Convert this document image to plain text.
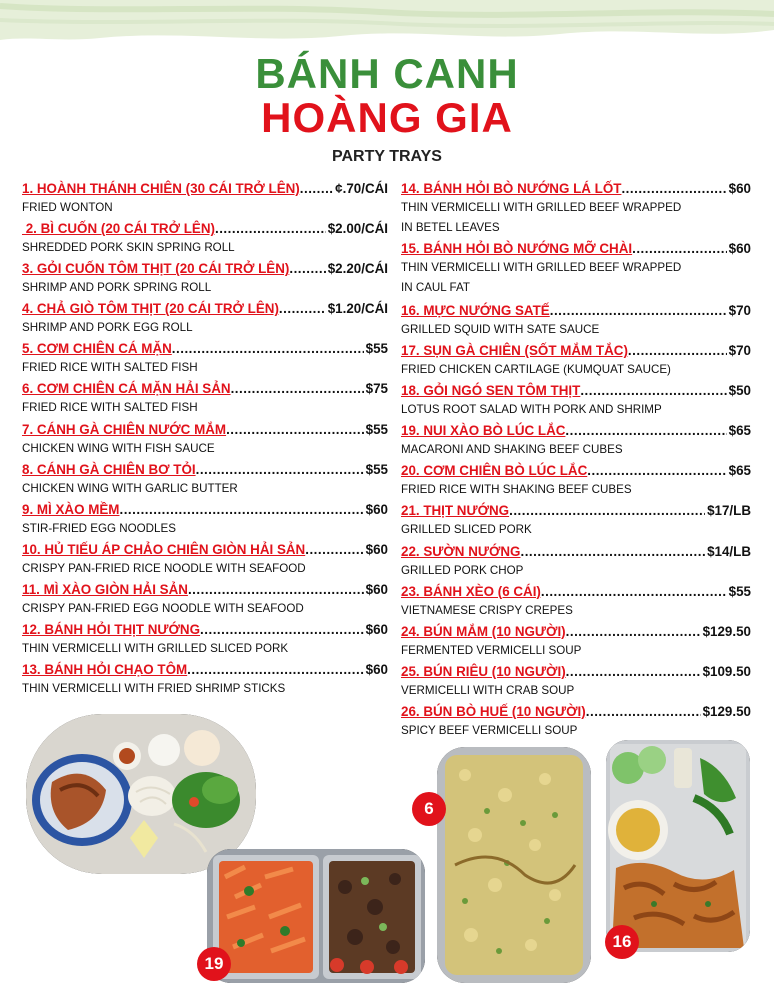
BÁNH CANH
HOÀNG GIA
PARTY TRAYS
1. HOÀNH THÁNH CHIÊN (30 CÁI TRỞ LÊN) .....	¢.70/CÁI
FRIED WONTON
2. BÌ CUỐN (20 CÁI TRỞ LÊN) .....	$2.00/CÁI
SHREDDED PORK SKIN SPRING ROLL
3. GỎI CUỐN TÔM THỊT (20 CÁI TRỞ LÊN) .....	$2.20/CÁI
SHRIMP AND PORK SPRING ROLL
4. CHẢ GIÒ TÔM THỊT (20 CÁI TRỞ LÊN) .....	$1.20/CÁI
SHRIMP AND PORK EGG ROLL
5. CƠM CHIÊN CÁ MẶN .....	$55
FRIED RICE WITH SALTED FISH
6. CƠM CHIÊN CÁ MẶN HẢI SẢN .....	$75
FRIED RICE WITH SALTED FISH
7. CÁNH GÀ CHIÊN NƯỚC MẮM .....	$55
CHICKEN WING WITH FISH SAUCE
8. CÁNH GÀ CHIÊN BƠ TỎI .....	$55
CHICKEN WING WITH GARLIC BUTTER
9. MÌ XÀO MỀM .....	$60
STIR-FRIED EGG NOODLES
10. HỦ TIẾU ÁP CHẢO CHIÊN GIÒN HẢI SẢN .....	$60
CRISPY PAN-FRIED RICE NOODLE WITH SEAFOOD
11. MÌ XÀO GIÒN HẢI SẢN .....	$60
CRISPY PAN-FRIED EGG NOODLE WITH SEAFOOD
12. BÁNH HỎI THỊT NƯỚNG .....	$60
THIN VERMICELLI WITH GRILLED SLICED PORK
13. BÁNH HỎI CHẠO TÔM .....	$60
THIN VERMICELLI WITH FRIED SHRIMP STICKS
14. BÁNH HỎI BÒ NƯỚNG LÁ LỐT .....	$60
THIN VERMICELLI WITH GRILLED BEEF WRAPPED
IN BETEL LEAVES
15. BÁNH HỎI BÒ NƯỚNG MỠ CHÀI .....	$60
THIN VERMICELLI WITH GRILLED BEEF WRAPPED
IN CAUL FAT
16. MỰC NƯỚNG SATẾ .....	$70
GRILLED SQUID WITH SATE SAUCE
17. SỤN GÀ CHIÊN (SỐT MẮM TẮC) .....	$70
FRIED CHICKEN CARTILAGE (KUMQUAT SAUCE)
18. GỎI NGÓ SEN TÔM THỊT .....	$50
LOTUS ROOT SALAD WITH PORK AND SHRIMP
19. NUI XÀO BÒ LÚC LẮC .....	$65
MACARONI AND SHAKING BEEF CUBES
20. CƠM CHIÊN BÒ LÚC LẮC .....	$65
FRIED RICE WITH SHAKING BEEF CUBES
21. THỊT NƯỚNG .....	$17/LB
GRILLED SLICED PORK
22. SƯỜN NƯỚNG .....	$14/LB
GRILLED PORK CHOP
23. BÁNH XÈO (6 CÁI) .....	$55
VIETNAMESE CRISPY CREPES
24. BÚN MẮM (10 NGƯỜI) .....	$129.50
FERMENTED VERMICELLI SOUP
25. BÚN RIÊU (10 NGƯỜI) .....	$109.50
VERMICELLI WITH CRAB SOUP
26. BÚN BÒ HUẾ (10 NGƯỜI) .....	$129.50
SPICY BEEF VERMICELLI SOUP
6
16
19
